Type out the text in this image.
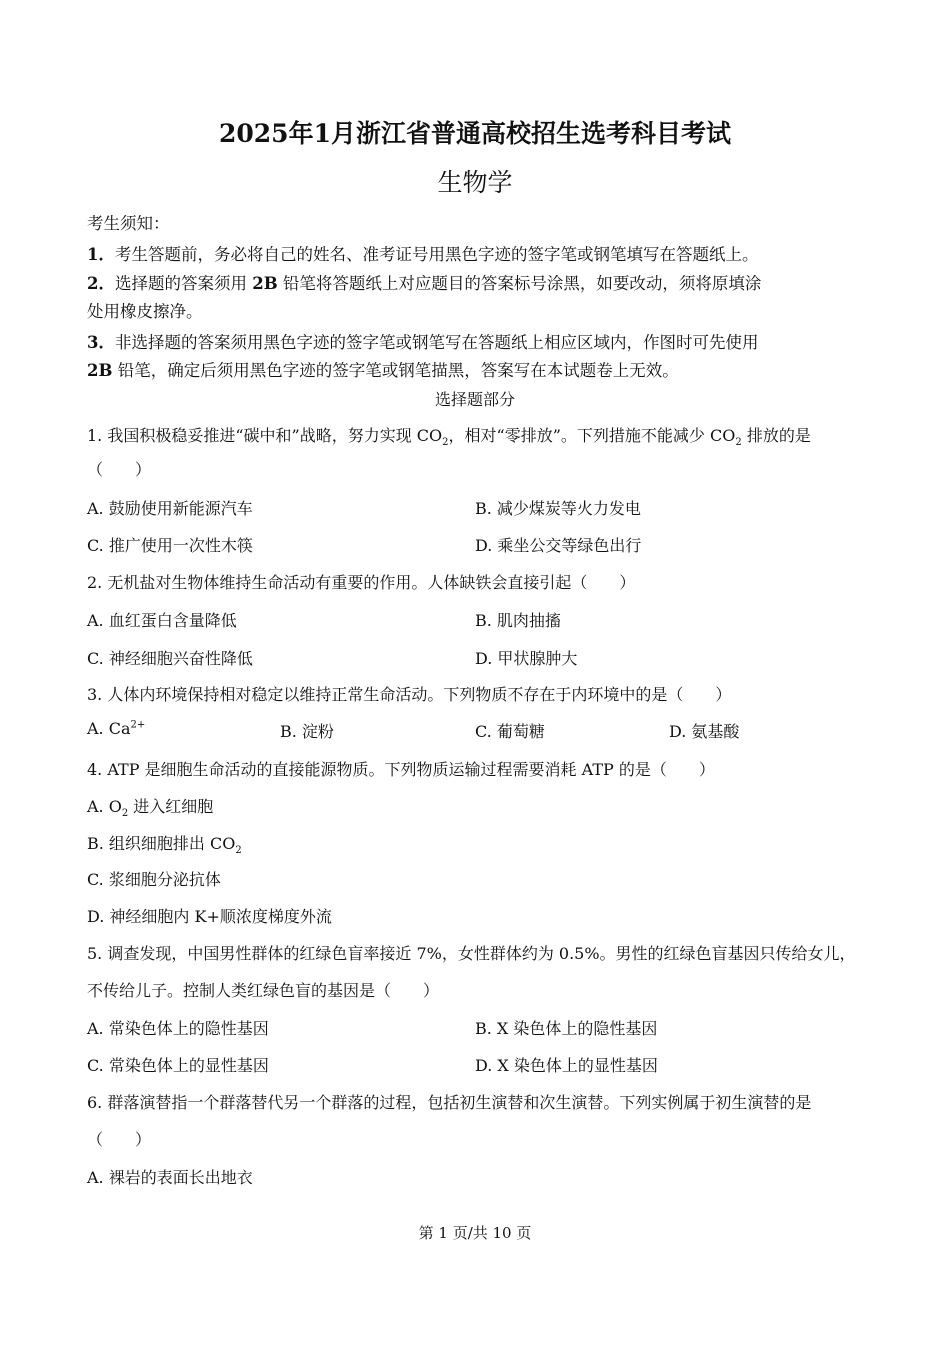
2025年1月浙江省普通高校招生选考科目考试
生物学
考生须知：
1．考生答题前，务必将自己的姓名、准考证号用黑色字迹的签字笔或钢笔填写在答题纸上。
2．选择题的答案须用 2B 铅笔将答题纸上对应题目的答案标号涂黑，如要改动，须将原填涂
处用橡皮擦净。
3．非选择题的答案须用黑色字迹的签字笔或钢笔写在答题纸上相应区域内，作图时可先使用
2B 铅笔，确定后须用黑色字迹的签字笔或钢笔描黑，答案写在本试题卷上无效。
选择题部分
1. 我国积极稳妥推进“碳中和”战略，努力实现 $CO_2$，相对“零排放”。下列措施不能减少 $CO_2$ 排放的是
（　　）
A. 鼓励使用新能源汽车	B. 减少煤炭等火力发电
C. 推广使用一次性木筷	D. 乘坐公交等绿色出行
2. 无机盐对生物体维持生命活动有重要的作用。人体缺铁会直接引起（　　）
A. 血红蛋白含量降低	B. 肌肉抽搐
C. 神经细胞兴奋性降低	D. 甲状腺肿大
3. 人体内环境保持相对稳定以维持正常生命活动。下列物质不存在于内环境中的是（　　）
A. $Ca^{2+}$	B. 淀粉	C. 葡萄糖	D. 氨基酸
4. ATP 是细胞生命活动的直接能源物质。下列物质运输过程需要消耗 ATP 的是（　　）
A. $O_2$ 进入红细胞
B. 组织细胞排出 $CO_2$
C. 浆细胞分泌抗体
D. 神经细胞内 K+顺浓度梯度外流
5. 调查发现，中国男性群体的红绿色盲率接近 7%，女性群体约为 0.5%。男性的红绿色盲基因只传给女儿，
不传给儿子。控制人类红绿色盲的基因是（　　）
A. 常染色体上的隐性基因	B. X 染色体上的隐性基因
C. 常染色体上的显性基因	D. X 染色体上的显性基因
6. 群落演替指一个群落替代另一个群落的过程，包括初生演替和次生演替。下列实例属于初生演替的是
（　　）
A. 裸岩的表面长出地衣
第 1 页/共 10 页
